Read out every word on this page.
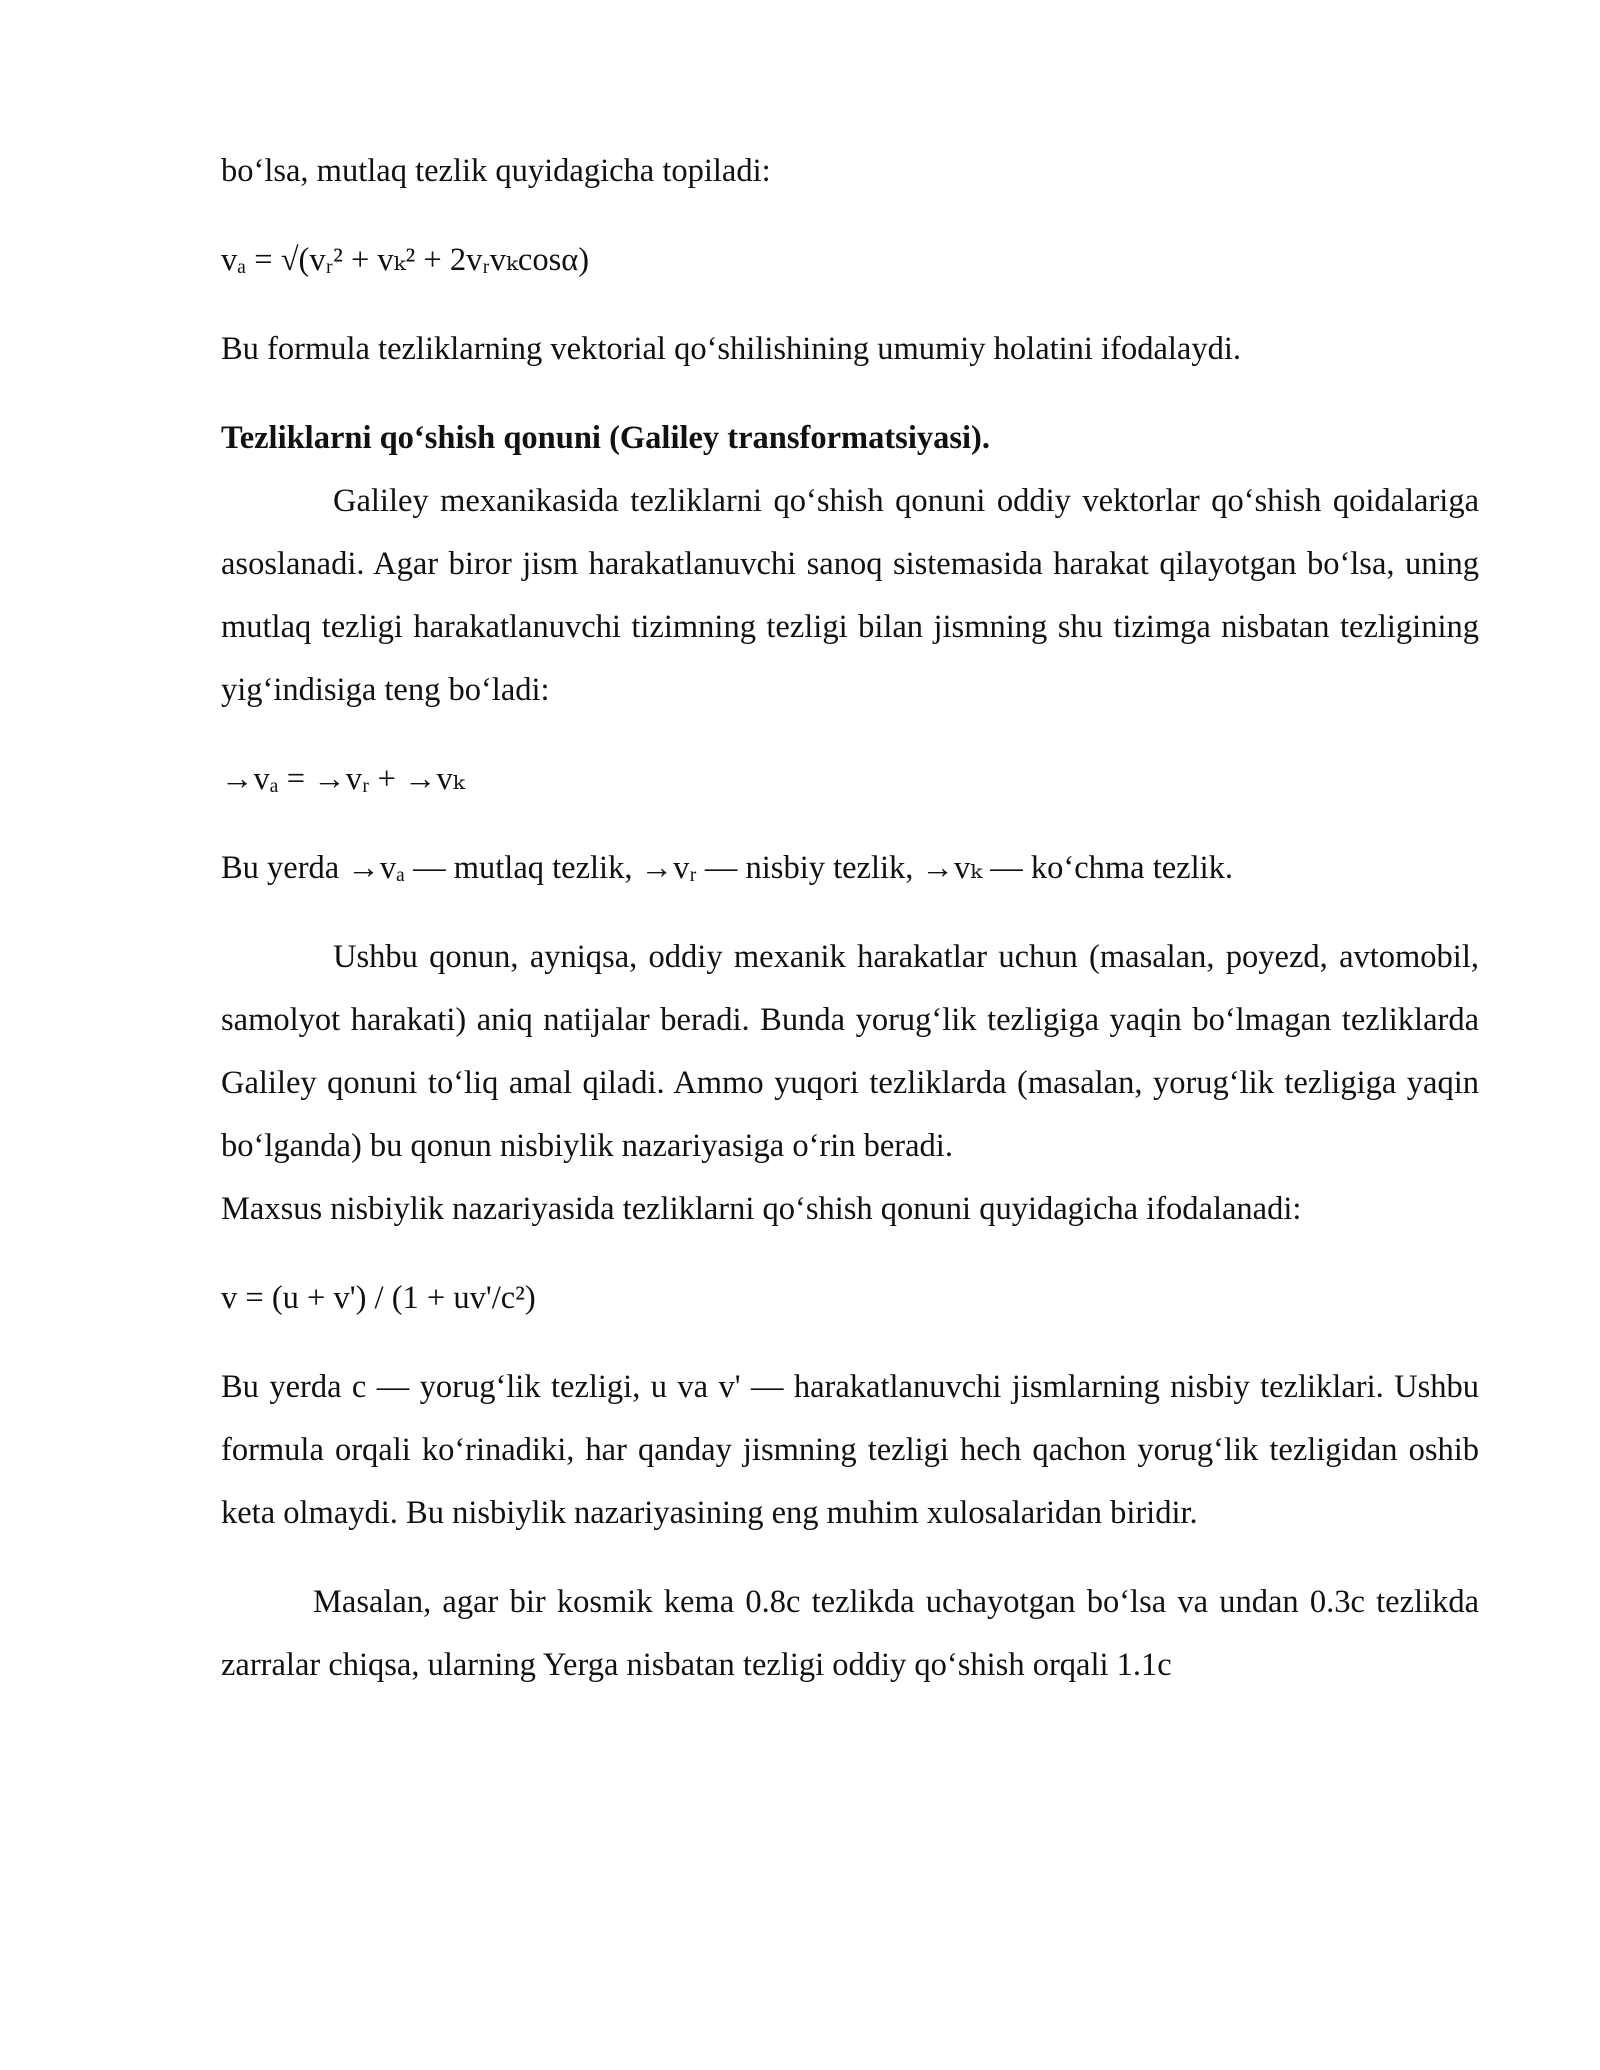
bo‘lsa, mutlaq tezlik quyidagicha topiladi:

vₐ = √(vᵣ² + vₖ² + 2vᵣvₖcosα)

Bu formula tezliklarning vektorial qo‘shilishining umumiy holatini ifodalaydi.

Tezliklarni qo‘shish qonuni (Galiley transformatsiyasi).

Galiley mexanikasida tezliklarni qo‘shish qonuni oddiy vektorlar qo‘shish qoidalariga asoslanadi. Agar biror jism harakatlanuvchi sanoq sistemasida harakat qilayotgan bo‘lsa, uning mutlaq tezligi harakatlanuvchi tizimning tezligi bilan jismning shu tizimga nisbatan tezligining yig‘indisiga teng bo‘ladi:

→vₐ = →vᵣ + →vₖ

Bu yerda →vₐ — mutlaq tezlik, →vᵣ — nisbiy tezlik, →vₖ — ko‘chma tezlik.

Ushbu qonun, ayniqsa, oddiy mexanik harakatlar uchun (masalan, poyezd, avtomobil, samolyot harakati) aniq natijalar beradi. Bunda yorug‘lik tezligiga yaqin bo‘lmagan tezliklarda Galiley qonuni to‘liq amal qiladi. Ammo yuqori tezliklarda (masalan, yorug‘lik tezligiga yaqin bo‘lganda) bu qonun nisbiylik nazariyasiga o‘rin beradi.

Maxsus nisbiylik nazariyasida tezliklarni qo‘shish qonuni quyidagicha ifodalanadi:

v = (u + v') / (1 + uv'/c²)

Bu yerda c — yorug‘lik tezligi, u va v' — harakatlanuvchi jismlarning nisbiy tezliklari. Ushbu formula orqali ko‘rinadiki, har qanday jismning tezligi hech qachon yorug‘lik tezligidan oshib keta olmaydi. Bu nisbiylik nazariyasining eng muhim xulosalaridan biridir.

Masalan, agar bir kosmik kema 0.8c tezlikda uchayotgan bo‘lsa va undan 0.3c tezlikda zarralar chiqsa, ularning Yerga nisbatan tezligi oddiy qo‘shish orqali 1.1c
